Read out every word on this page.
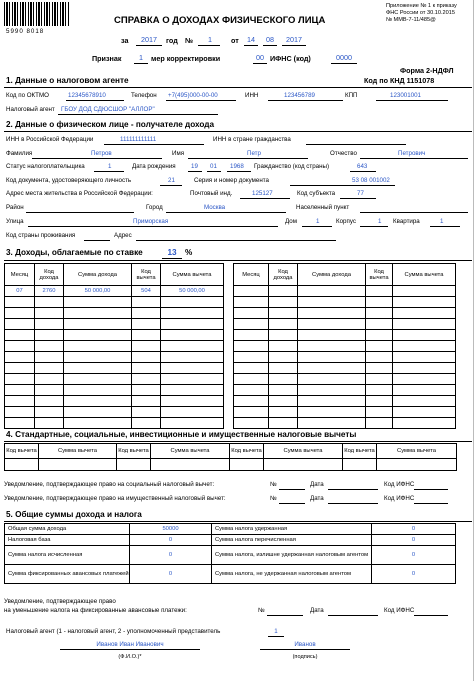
5990 8018
Приложение № 1 к приказу
ФНС России от 30.10.2015
№ ММВ-7-11/485@
СПРАВКА О ДОХОДАХ ФИЗИЧЕСКОГО ЛИЦА
за	2017	год №	1	от	14	08	2017
Признак	1	мер корректировки	00 ИФНС (код)	0000
Форма 2-НДФЛ
Код по КНД 1151078
1. Данные о налоговом агенте
Код по ОКТМО	12345678910	Телефон +7(495)000-00-00	ИНН	123456789	КПП	123001001
Налоговый агент ГБОУ ДОД СДЮСШОР "АЛЛОР"
2. Данные о физическом лице - получателе дохода
ИНН в Российской Федерации	111111111111	ИНН в стране гражданства
Фамилия	Петров	Имя	Петр	Отчество	Петрович
Статус налогоплательщика	1	Дата рождения 19 01 1968 Гражданство (код страны)	643
Код документа, удостоверяющего личность	21	Серия и номер документа	53 08 001002
Адрес места жительства в Российской Федерации:	Почтовый инд.	125127	Код субъекта	77
Район	Город	Москва	Населенный пункт
Улица	Приморская	Дом	1	Корпус	1 Квартира	1
Код страны проживания	Адрес
3. Доходы, облагаемые по ставке	13	%
Месяц	Код дохода	Сумма дохода	Код вычета	Сумма вычета
07	2760	50 000,00	504	50 000,00

Месяц	Код дохода	Сумма дохода	Код вычета	Сумма вычета

4. Стандартные, социальные, инвестиционные и имущественные налоговые вычеты
Код вычета	Сумма вычета	Код вычета	Сумма вычета	Код вычета	Сумма вычета	Код вычета	Сумма вычета

Уведомление, подтверждающее право на социальный налоговый вычет:	№	Дата	Код ИФНС
Уведомление, подтверждающее право на имущественный налоговый вычет:	№	Дата	Код ИФНС
5. Общие суммы дохода и налога
Общая сумма дохода	50000	Сумма налога удержанная	0
Налоговая база	0	Сумма налога перечисленная	0
Сумма налога исчисленная	0	Сумма налога, излишне удержанная налоговым агентом	0
Сумма фиксированных авансовых платежей	0	Сумма налога, не удержанная налоговым агентом	0
Уведомление, подтверждающее право
на уменьшение налога на фиксированные авансовые платежи:	№	Дата	Код ИФНС
Налоговый агент (1 - налоговый агент, 2 - уполномоченный представитель	1
Иванов Иван Иванович
(Ф.И.О.)*
Иванов
(подпись)
